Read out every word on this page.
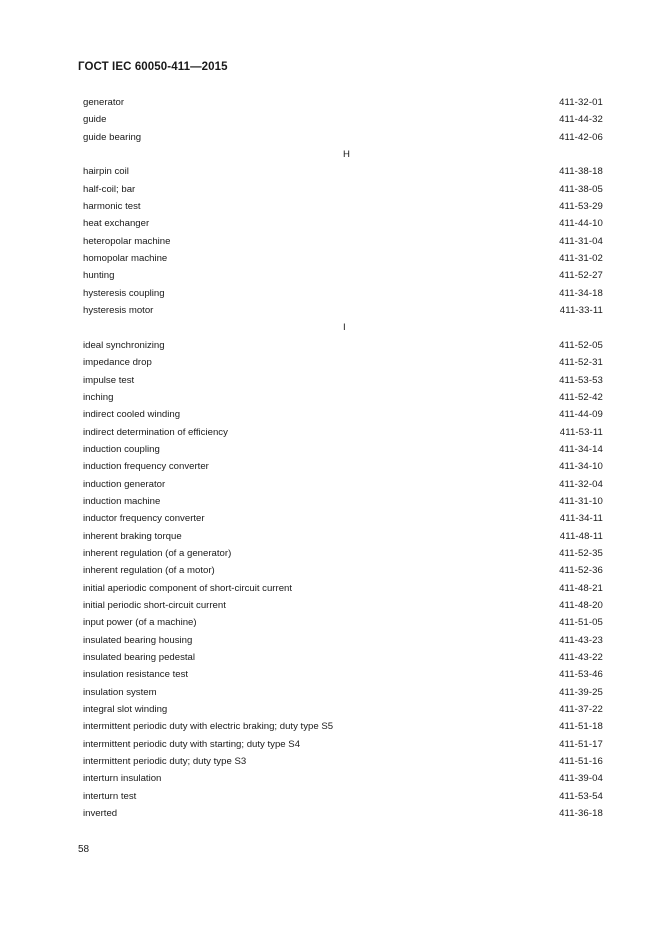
ГОСТ IEC 60050-411—2015
generator	411-32-01
guide	411-44-32
guide bearing	411-42-06
H
hairpin coil	411-38-18
half-coil; bar	411-38-05
harmonic test	411-53-29
heat exchanger	411-44-10
heteropolar machine	411-31-04
homopolar machine	411-31-02
hunting	411-52-27
hysteresis coupling	411-34-18
hysteresis motor	411-33-11
I
ideal synchronizing	411-52-05
impedance drop	411-52-31
impulse test	411-53-53
inching	411-52-42
indirect cooled winding	411-44-09
indirect determination of efficiency	411-53-11
induction coupling	411-34-14
induction frequency converter	411-34-10
induction generator	411-32-04
induction machine	411-31-10
inductor frequency converter	411-34-11
inherent braking torque	411-48-11
inherent regulation (of a generator)	411-52-35
inherent regulation (of a motor)	411-52-36
initial aperiodic component of short-circuit current	411-48-21
initial periodic short-circuit current	411-48-20
input power (of a machine)	411-51-05
insulated bearing housing	411-43-23
insulated bearing pedestal	411-43-22
insulation resistance test	411-53-46
insulation system	411-39-25
integral slot winding	411-37-22
intermittent periodic duty with electric braking; duty type S5	411-51-18
intermittent periodic duty with starting; duty type S4	411-51-17
intermittent periodic duty; duty type S3	411-51-16
interturn insulation	411-39-04
interturn test	411-53-54
inverted	411-36-18
58
